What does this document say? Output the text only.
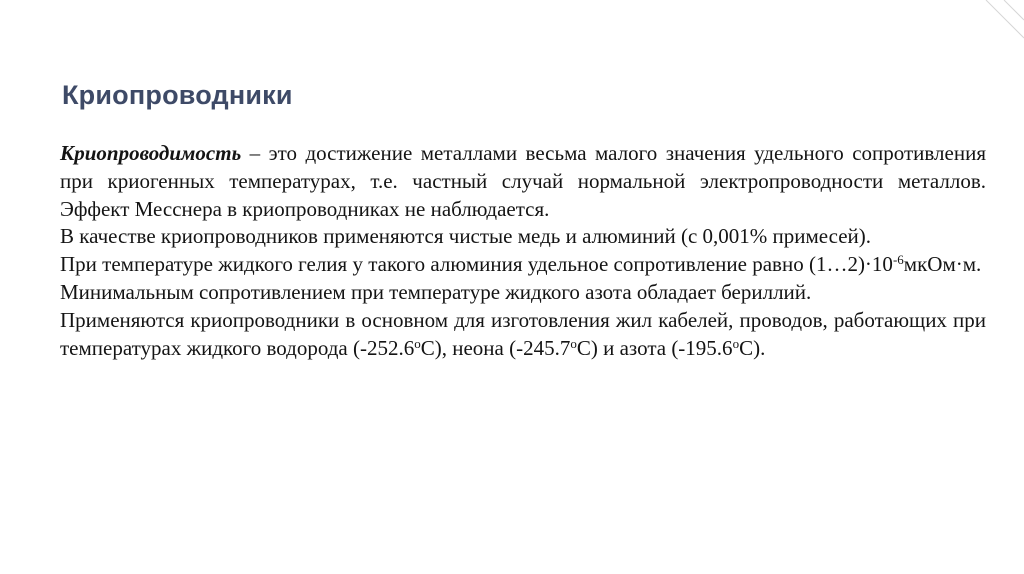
Криопроводники

Криопроводимость – это достижение металлами весьма малого значения удельного сопротивления при криогенных температурах, т.е. частный случай нормальной электропроводности металлов. Эффект Месснера в криопроводниках не наблюдается.

В качестве криопроводников применяются чистые медь и алюминий (с 0,001% примесей).

При температуре жидкого гелия у такого алюминия удельное сопротивление равно $(1\dots 2)\cdot 10^{-6}мкОм\cdot м$.

Минимальным сопротивлением при температуре жидкого азота обладает бериллий.

Применяются криопроводники в основном для изготовления жил кабелей, проводов, работающих при температурах жидкого водорода $(-252.6^оС)$, неона $(-245.7^оС)$ и азота $(-195.6^оС)$.
